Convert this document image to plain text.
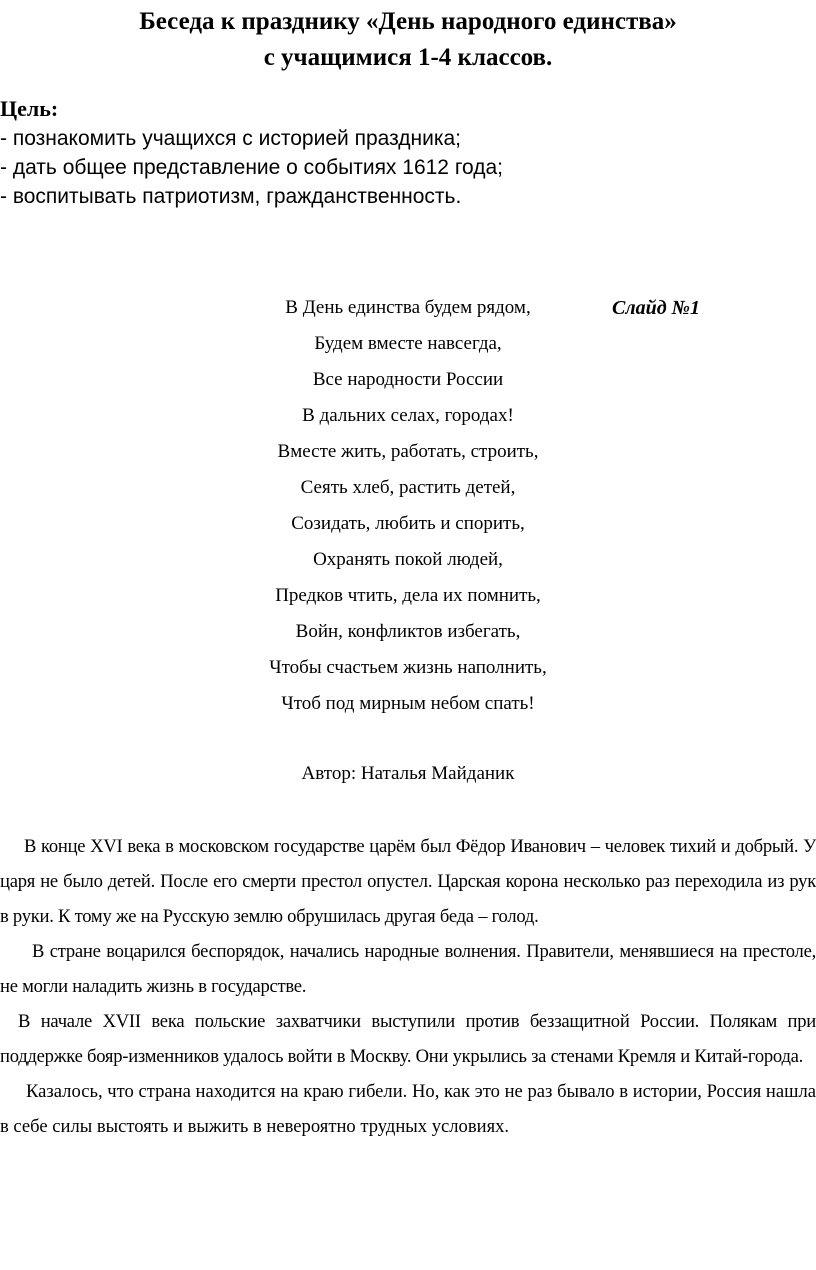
Беседа к празднику «День народного единства»
с учащимися 1-4 классов.
Цель:
- познакомить учащихся с историей праздника;
- дать общее представление о событиях 1612 года;
- воспитывать патриотизм, гражданственность.
В День единства будем рядом,
Будем вместе навсегда,
Все народности России
В дальних селах, городах!
Вместе жить, работать, строить,
Сеять хлеб, растить детей,
Созидать, любить и спорить,
Охранять покой людей,
Предков чтить, дела их помнить,
Войн, конфликтов избегать,
Чтобы счастьем жизнь наполнить,
Чтоб под мирным небом спать!
Слайд №1
Автор: Наталья Майданик

В конце XVI века в московском государстве царём был Фёдор Иванович – человек тихий и добрый. У царя не было детей. После его смерти престол опустел. Царская корона несколько раз переходила из рук в руки. К тому же на Русскую землю обрушилась другая беда – голод.

В стране воцарился беспорядок, начались народные волнения. Правители, менявшиеся на престоле, не могли наладить жизнь в государстве.

В начале XVII века польские захватчики выступили против беззащитной России. Полякам при поддержке бояр-изменников удалось войти в Москву. Они укрылись за стенами Кремля и Китай-города.

Казалось, что страна находится на краю гибели. Но, как это не раз бывало в истории, Россия нашла в себе силы выстоять и выжить в невероятно трудных условиях.
